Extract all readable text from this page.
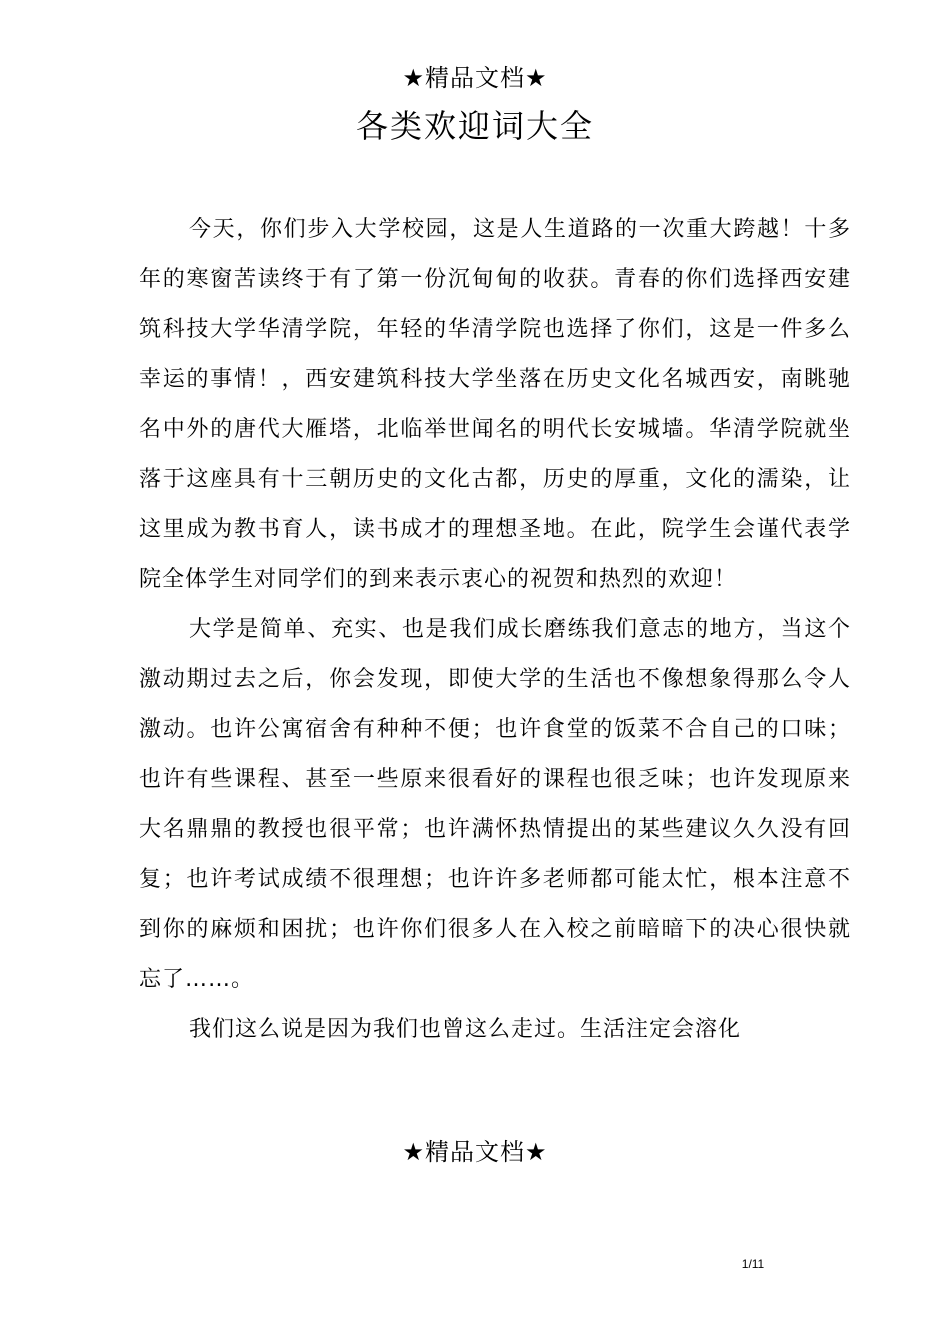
★精品文档★
各类欢迎词大全

今天，你们步入大学校园，这是人生道路的一次重大跨越！十多年的寒窗苦读终于有了第一份沉甸甸的收获。青春的你们选择西安建筑科技大学华清学院，年轻的华清学院也选择了你们，这是一件多么幸运的事情！，西安建筑科技大学坐落在历史文化名城西安，南眺驰名中外的唐代大雁塔，北临举世闻名的明代长安城墙。华清学院就坐落于这座具有十三朝历史的文化古都，历史的厚重，文化的濡染，让这里成为教书育人，读书成才的理想圣地。在此，院学生会谨代表学院全体学生对同学们的到来表示衷心的祝贺和热烈的欢迎！

大学是简单、充实、也是我们成长磨练我们意志的地方，当这个激动期过去之后，你会发现，即使大学的生活也不像想象得那么令人激动。也许公寓宿舍有种种不便；也许食堂的饭菜不合自己的口味；也许有些课程、甚至一些原来很看好的课程也很乏味；也许发现原来大名鼎鼎的教授也很平常；也许满怀热情提出的某些建议久久没有回复；也许考试成绩不很理想；也许许多老师都可能太忙，根本注意不到你的麻烦和困扰；也许你们很多人在入校之前暗暗下的决心很快就忘了……。

我们这么说是因为我们也曾这么走过。生活注定会溶化

★精品文档★
1/11
